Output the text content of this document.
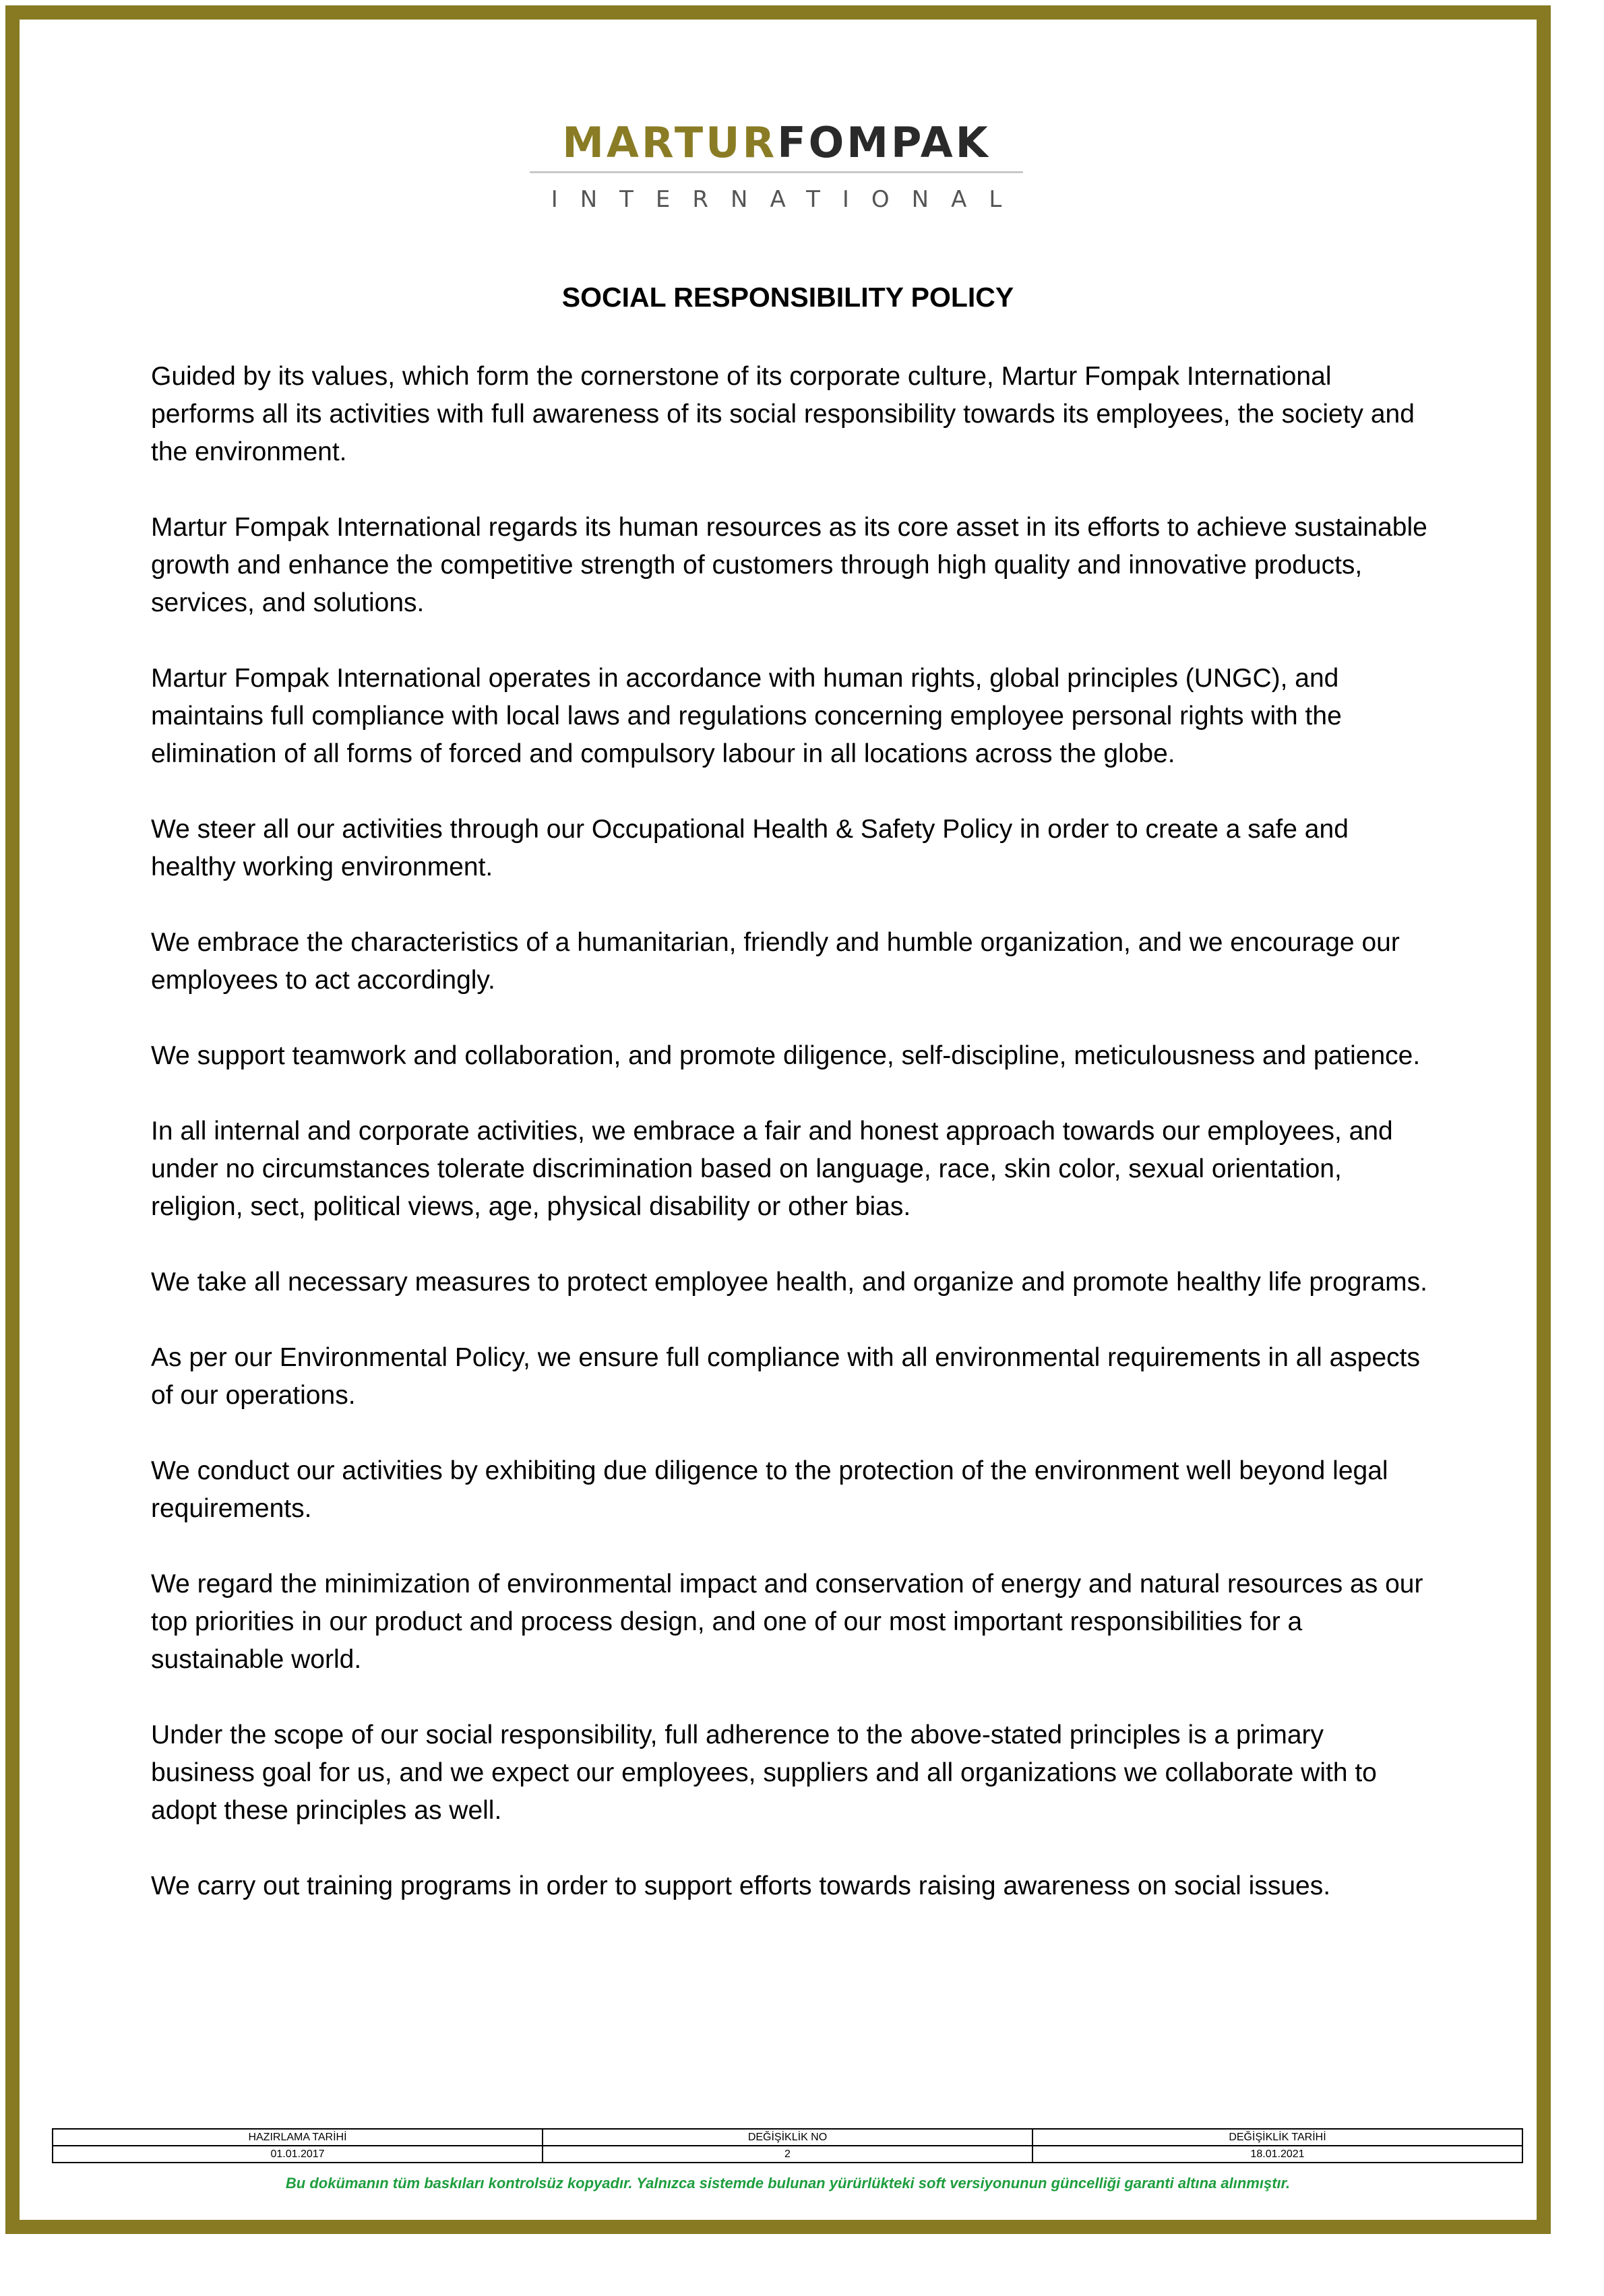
MARTURFOMPAK
INTERNATIONAL
SOCIAL RESPONSIBILITY POLICY

Guided by its values, which form the cornerstone of its corporate culture, Martur Fompak International performs all its activities with full awareness of its social responsibility towards its employees, the society and the environment.

Martur Fompak International regards its human resources as its core asset in its efforts to achieve sustainable growth and enhance the competitive strength of customers through high quality and innovative products, services, and solutions.

Martur Fompak International operates in accordance with human rights, global principles (UNGC), and maintains full compliance with local laws and regulations concerning employee personal rights with the elimination of all forms of forced and compulsory labour in all locations across the globe.

We steer all our activities through our Occupational Health & Safety Policy in order to create a safe and healthy working environment.

We embrace the characteristics of a humanitarian, friendly and humble organization, and we encourage our employees to act accordingly.

We support teamwork and collaboration, and promote diligence, self-discipline, meticulousness and patience.

In all internal and corporate activities, we embrace a fair and honest approach towards our employees, and under no circumstances tolerate discrimination based on language, race, skin color, sexual orientation, religion, sect, political views, age, physical disability or other bias.

We take all necessary measures to protect employee health, and organize and promote healthy life programs.

As per our Environmental Policy, we ensure full compliance with all environmental requirements in all aspects of our operations.

We conduct our activities by exhibiting due diligence to the protection of the environment well beyond legal requirements.

We regard the minimization of environmental impact and conservation of energy and natural resources as our top priorities in our product and process design, and one of our most important responsibilities for a sustainable world.

Under the scope of our social responsibility, full adherence to the above-stated principles is a primary business goal for us, and we expect our employees, suppliers and all organizations we collaborate with to adopt these principles as well.

We carry out training programs in order to support efforts towards raising awareness on social issues.

HAZIRLAMA TARİHİ	DEĞİŞİKLİK NO	DEĞİŞİKLİK TARİHİ
01.01.2017	2	18.01.2021
Bu dokümanın tüm baskıları kontrolsüz kopyadır. Yalnızca sistemde bulunan yürürlükteki soft versiyonunun güncelliği garanti altına alınmıştır.
